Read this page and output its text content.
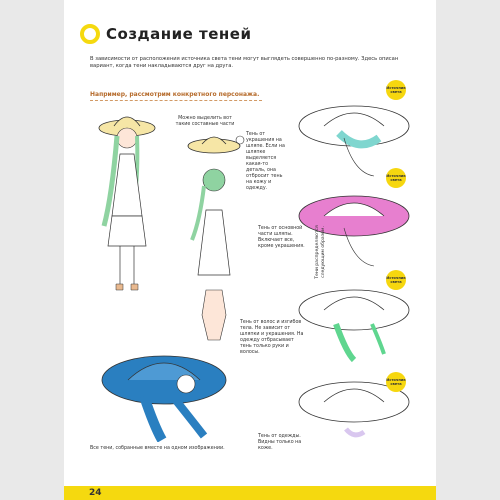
Создание теней
В зависимости от расположения источника света тени могут выглядеть совершенно по-разному. Здесь описан вариант, когда тени накладываются друг на друга.
Например, рассмотрим конкретного персонажа.
Можно выделить вот такие составные части
Тень от украшения на шляпе. Если на шляпке выделяется какая-то деталь, она отбросит тень на кожу и одежду.
Тень от основной части шляпы. Включает все, кроме украшения.	Тени распределяются следующим образом.
Тень от волос и изгибов тела. Не зависит от шляпки и украшения. На одежду отбрасывает тень только руки и волосы.
Тень от одежды. Видны только на коже.
Все тени, собранные вместе на одном изображении.
Источник света
Источник света
Источник света
Источник света
24
